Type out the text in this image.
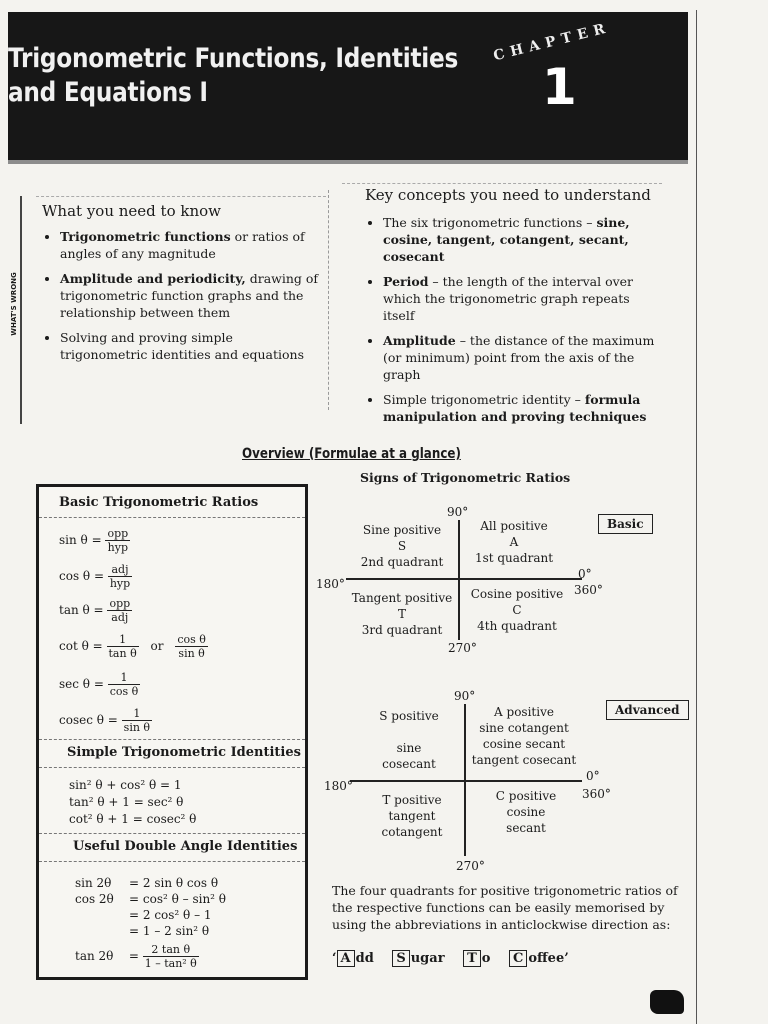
Trigonometric Functions, Identities
and Equations I
CHAPTER
1
WHAT'S WRONG
What you need to know
• Trigonometric functions or ratios of angles of any magnitude
• Amplitude and periodicity, drawing of trigonometric function graphs and the relationship between them
• Solving and proving simple trigonometric identities and equations
Key concepts you need to understand
• The six trigonometric functions – sine, cosine, tangent, cotangent, secant, cosecant
• Period – the length of the interval over which the trigonometric graph repeats itself
• Amplitude – the distance of the maximum (or minimum) point from the axis of the graph
• Simple trigonometric identity – formula manipulation and proving techniques
Overview (Formulae at a glance)
Basic Trigonometric Ratios
$\sin \theta = \frac{\text{opp}}{\text{hyp}}$
$\cos \theta = \frac{\text{adj}}{\text{hyp}}$
$\tan \theta = \frac{\text{opp}}{\text{adj}}$
$\cot \theta = \frac{1}{\text{tan θ}}$ or $\frac{\text{cos θ}}{\text{sin θ}}$
$\sec \theta = \frac{1}{\text{cos θ}}$
cosec $\theta = \frac{1}{\text{sin θ}}$
Simple Trigonometric Identities
sin² θ + cos² θ = 1
tan² θ + 1 = sec² θ
cot² θ + 1 = cosec² θ
Useful Double Angle Identities
sin 2θ = 2 sin θ cos θ
cos 2θ = cos² θ – sin² θ
= 2 cos² θ – 1
= 1 – 2 sin² θ
$\tan 2\theta = \frac{\text{2 tan θ}}{\text{1 – tan² θ}}$
Signs of Trigonometric Ratios
Basic
90°
270°
180°
0°
360°
Sine positive
S
2nd quadrant
All positive
A
1st quadrant
Tangent positive
T
3rd quadrant
Cosine positive
C
4th quadrant
Advanced
90°
270°
180°
0°
360°
S positive
sine
cosecant
A positive
sine cotangent
cosine secant
tangent cosecant
T positive
tangent
cotangent
C positive
cosine
secant
The four quadrants for positive trigonometric ratios of the respective functions can be easily memorised by using the abbreviations in anticlockwise direction as:
‘ A dd S ugar T o C offee’
